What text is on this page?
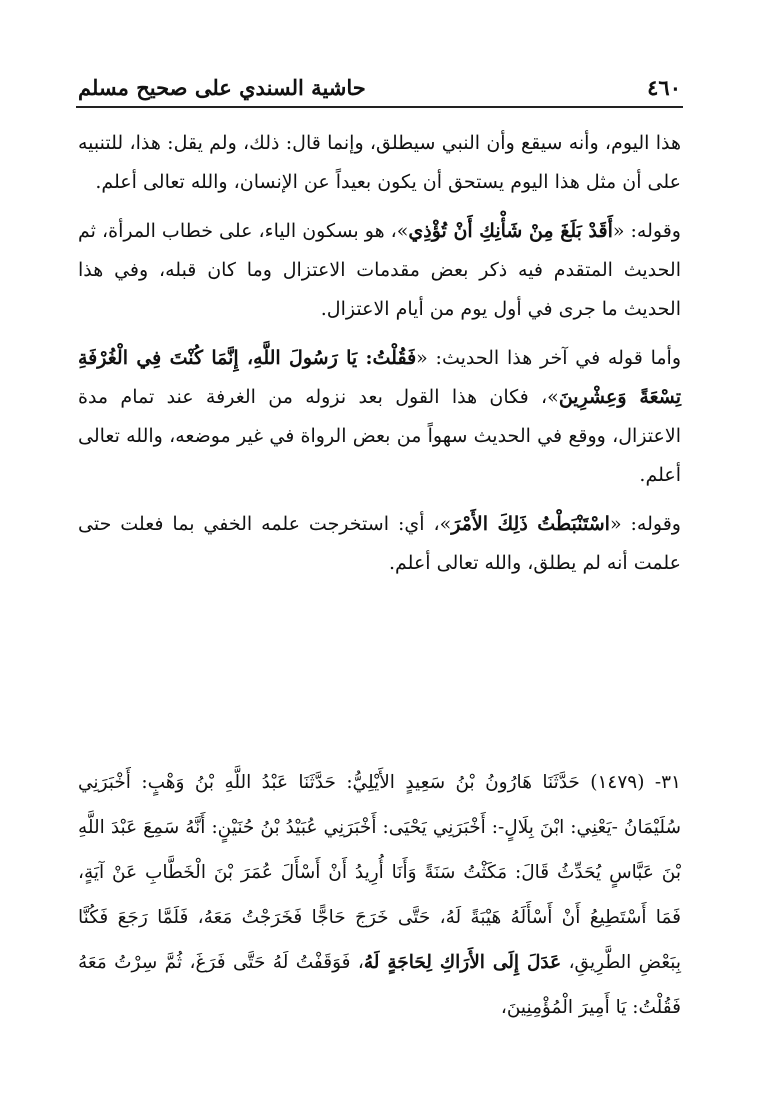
٤٦٠
حاشية السندي على صحيح مسلم

هذا اليوم، وأنه سيقع وأن النبي سيطلق، وإنما قال: ذلك، ولم يقل: هذا، للتنبيه على أن مثل هذا اليوم يستحق أن يكون بعيداً عن الإنسان، والله تعالى أعلم.

وقوله: «أَقَدْ بَلَغَ مِنْ شَأْنِكِ أَنْ تُؤْذِي»، هو بسكون الياء، على خطاب المرأة، ثم الحديث المتقدم فيه ذكر بعض مقدمات الاعتزال وما كان قبله، وفي هذا الحديث ما جرى في أول يوم من أيام الاعتزال.

وأما قوله في آخر هذا الحديث: «فَقُلْتُ: يَا رَسُولَ اللَّهِ، إِنَّمَا كُنْتَ فِي الْغُرْفَةِ تِسْعَةً وَعِشْرِينَ»، فكان هذا القول بعد نزوله من الغرفة عند تمام مدة الاعتزال، ووقع في الحديث سهواً من بعض الرواة في غير موضعه، والله تعالى أعلم.

وقوله: «اسْتَنْبَطْتُ ذَلِكَ الأَمْرَ»، أي: استخرجت علمه الخفي بما فعلت حتى علمت أنه لم يطلق، والله تعالى أعلم.

٣١- (١٤٧٩) حَدَّثَنَا هَارُونُ بْنُ سَعِيدٍ الأَيْلِيُّ: حَدَّثَنَا عَبْدُ اللَّهِ بْنُ وَهْبٍ: أَخْبَرَنِي سُلَيْمَانُ -يَعْنِي: ابْنَ بِلَالٍ-: أَخْبَرَنِي يَحْيَى: أَخْبَرَنِي عُبَيْدُ بْنُ حُنَيْنٍ: أَنَّهُ سَمِعَ عَبْدَ اللَّهِ بْنَ عَبَّاسٍ يُحَدِّثُ قَالَ: مَكَثْتُ سَنَةً وَأَنَا أُرِيدُ أَنْ أَسْأَلَ عُمَرَ بْنَ الْخَطَّابِ عَنْ آيَةٍ، فَمَا أَسْتَطِيعُ أَنْ أَسْأَلَهُ هَيْبَةً لَهُ، حَتَّى خَرَجَ حَاجًّا فَخَرَجْتُ مَعَهُ، فَلَمَّا رَجَعَ فَكُنَّا بِبَعْضِ الطَّرِيقِ، عَدَلَ إِلَى الأَرَاكِ لِحَاجَةٍ لَهُ، فَوَقَفْتُ لَهُ حَتَّى فَرَغَ، ثُمَّ سِرْتُ مَعَهُ فَقُلْتُ: يَا أَمِيرَ الْمُؤْمِنِينَ،
